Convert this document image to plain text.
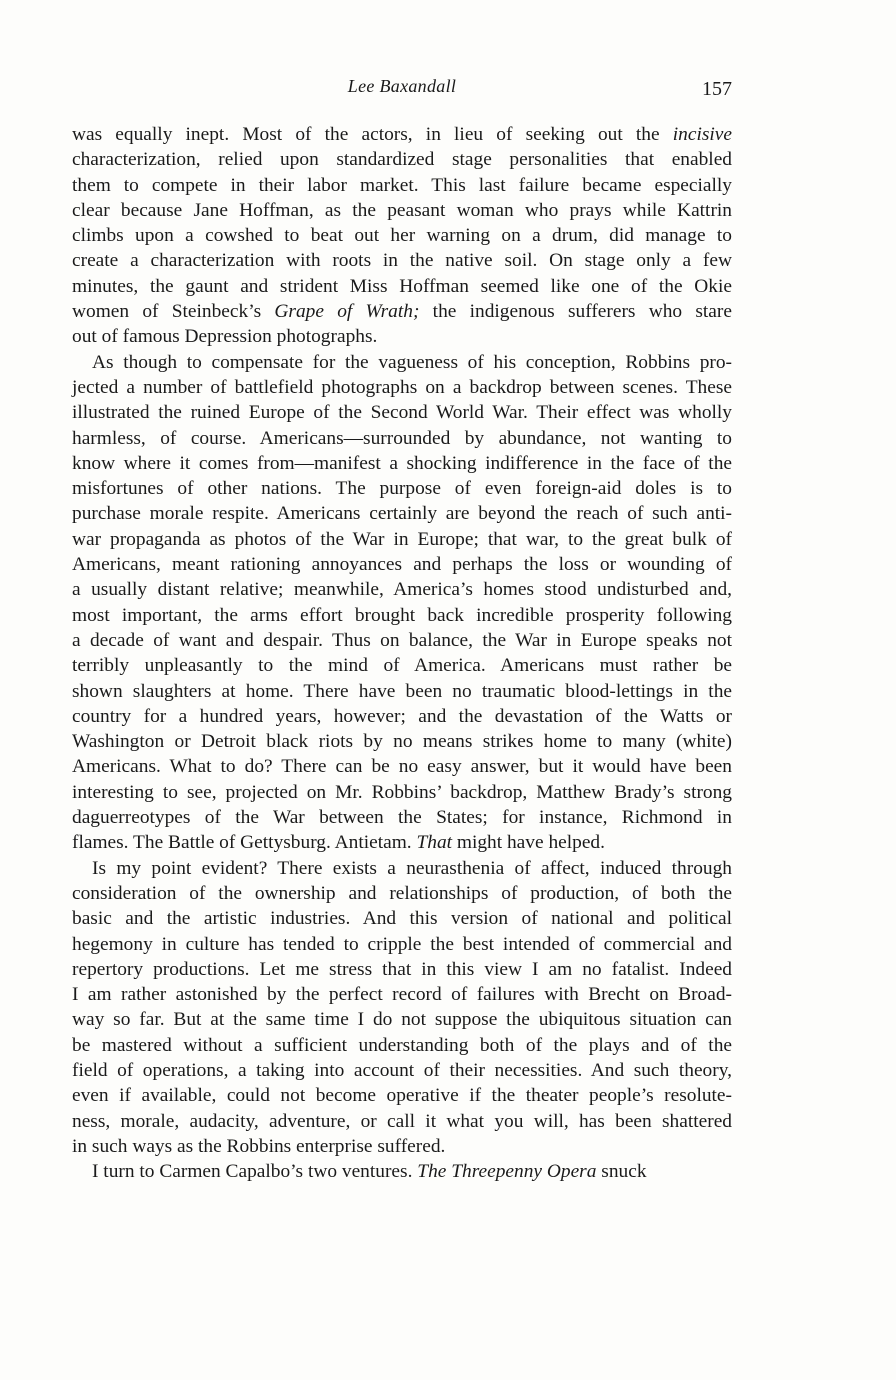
Lee Baxandall	157

was equally inept. Most of the actors, in lieu of seeking out the incisive
characterization, relied upon standardized stage personalities that enabled
them to compete in their labor market. This last failure became especially
clear because Jane Hoffman, as the peasant woman who prays while Kattrin
climbs upon a cowshed to beat out her warning on a drum, did manage to
create a characterization with roots in the native soil. On stage only a few
minutes, the gaunt and strident Miss Hoffman seemed like one of the Okie
women of Steinbeck’s Grape of Wrath; the indigenous sufferers who stare
out of famous Depression photographs.

As though to compensate for the vagueness of his conception, Robbins pro-
jected a number of battlefield photographs on a backdrop between scenes. These
illustrated the ruined Europe of the Second World War. Their effect was wholly
harmless, of course. Americans—surrounded by abundance, not wanting to
know where it comes from—manifest a shocking indifference in the face of the
misfortunes of other nations. The purpose of even foreign-aid doles is to
purchase morale respite. Americans certainly are beyond the reach of such anti-
war propaganda as photos of the War in Europe; that war, to the great bulk of
Americans, meant rationing annoyances and perhaps the loss or wounding of
a usually distant relative; meanwhile, America’s homes stood undisturbed and,
most important, the arms effort brought back incredible prosperity following
a decade of want and despair. Thus on balance, the War in Europe speaks not
terribly unpleasantly to the mind of America. Americans must rather be
shown slaughters at home. There have been no traumatic blood-lettings in the
country for a hundred years, however; and the devastation of the Watts or
Washington or Detroit black riots by no means strikes home to many (white)
Americans. What to do? There can be no easy answer, but it would have been
interesting to see, projected on Mr. Robbins’ backdrop, Matthew Brady’s strong
daguerreotypes of the War between the States; for instance, Richmond in
flames. The Battle of Gettysburg. Antietam. That might have helped.

Is my point evident? There exists a neurasthenia of affect, induced through
consideration of the ownership and relationships of production, of both the
basic and the artistic industries. And this version of national and political
hegemony in culture has tended to cripple the best intended of commercial and
repertory productions. Let me stress that in this view I am no fatalist. Indeed
I am rather astonished by the perfect record of failures with Brecht on Broad-
way so far. But at the same time I do not suppose the ubiquitous situation can
be mastered without a sufficient understanding both of the plays and of the
field of operations, a taking into account of their necessities. And such theory,
even if available, could not become operative if the theater people’s resolute-
ness, morale, audacity, adventure, or call it what you will, has been shattered
in such ways as the Robbins enterprise suffered.

I turn to Carmen Capalbo’s two ventures. The Threepenny Opera snuck
